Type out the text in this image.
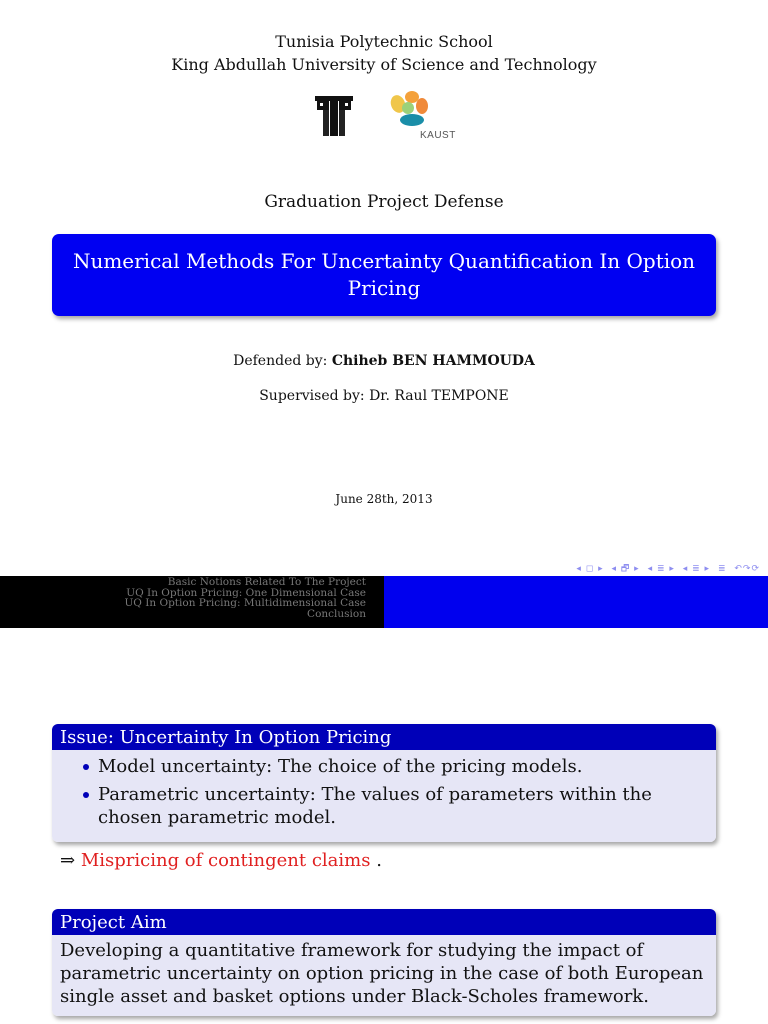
Tunisia Polytechnic School
King Abdullah University of Science and Technology
KAUST
Graduation Project Defense
Numerical Methods For Uncertainty Quantification In Option Pricing
Defended by: Chiheb BEN HAMMOUDA
Supervised by: Dr. Raul TEMPONE
June 28th, 2013
◂ ◻ ▸ ◂ 🗗 ▸ ◂ ≣ ▸ ◂ ≣ ▸ ≣ ↶↷⟳
Basic Notions Related To The Project
UQ In Option Pricing: One Dimensional Case
UQ In Option Pricing: Multidimensional Case
Conclusion
Issue: Uncertainty In Option Pricing
Model uncertainty: The choice of the pricing models.
Parametric uncertainty: The values of parameters within the chosen parametric model.
⇒ Mispricing of contingent claims .
Project Aim
Developing a quantitative framework for studying the impact of parametric uncertainty on option pricing in the case of both European single asset and basket options under Black-Scholes framework.
